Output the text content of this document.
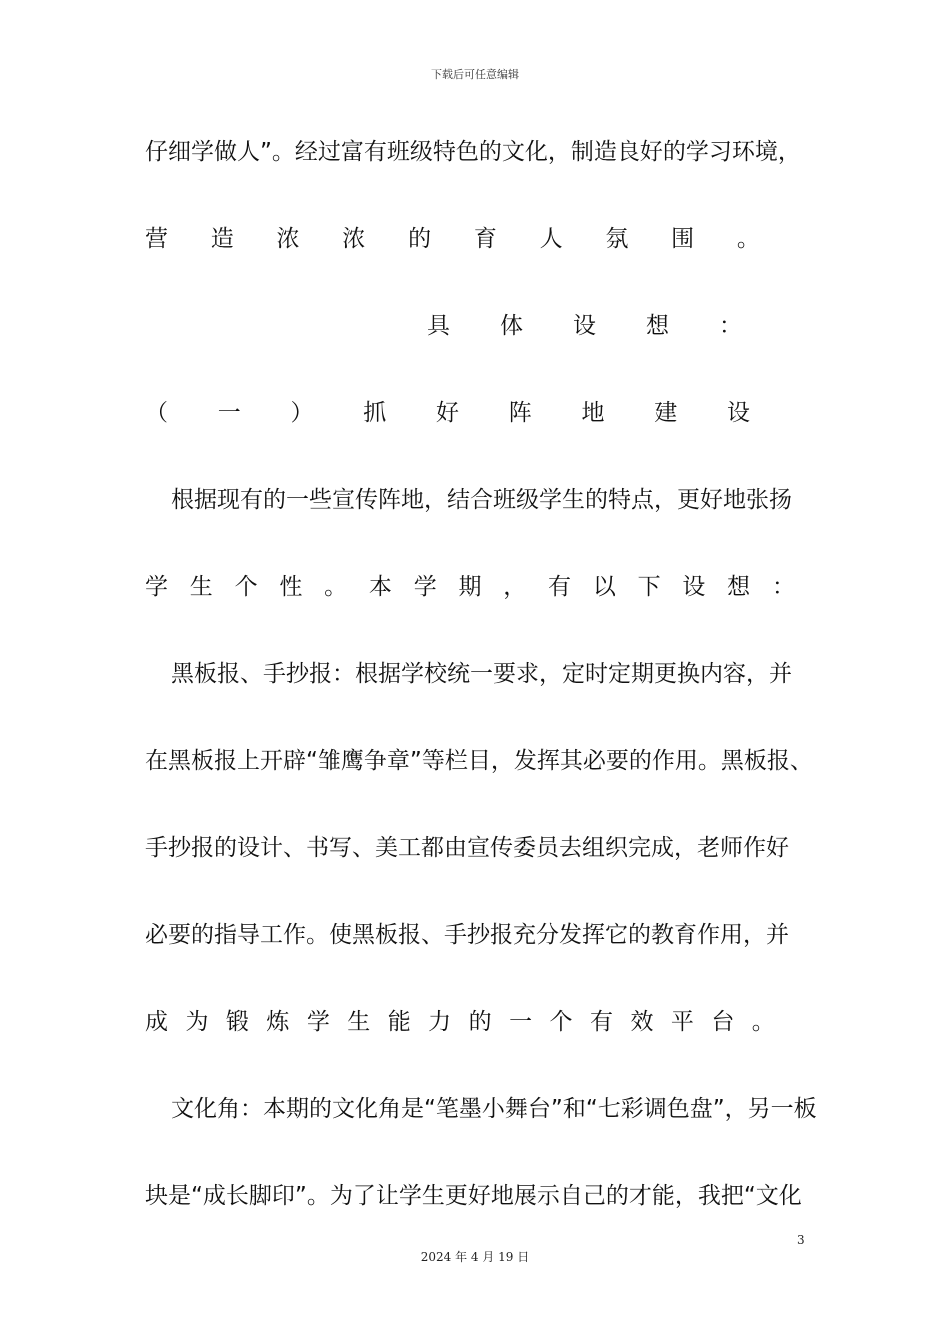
下载后可任意编辑
仔细学做人”。经过富有班级特色的文化，制造良好的学习环境，
营 造 浓 浓 的 育 人 氛 围 。
具 体 设 想 ：
（ 一 ） 抓 好 阵 地 建 设
根据现有的一些宣传阵地，结合班级学生的特点，更好地张扬
学 生 个 性 。 本 学 期 ， 有 以 下 设 想 ：
黑板报、手抄报：根据学校统一要求，定时定期更换内容，并
在黑板报上开辟“雏鹰争章”等栏目，发挥其必要的作用。黑板报、
手抄报的设计、书写、美工都由宣传委员去组织完成，老师作好
必要的指导工作。使黑板报、手抄报充分发挥它的教育作用，并
成 为 锻 炼 学 生 能 力 的 一 个 有 效 平 台 。
文化角：本期的文化角是“笔墨小舞台”和“七彩调色盘”，另一板
块是“成长脚印”。为了让学生更好地展示自己的才能，我把“文化
3
2024 年 4 月 19 日
